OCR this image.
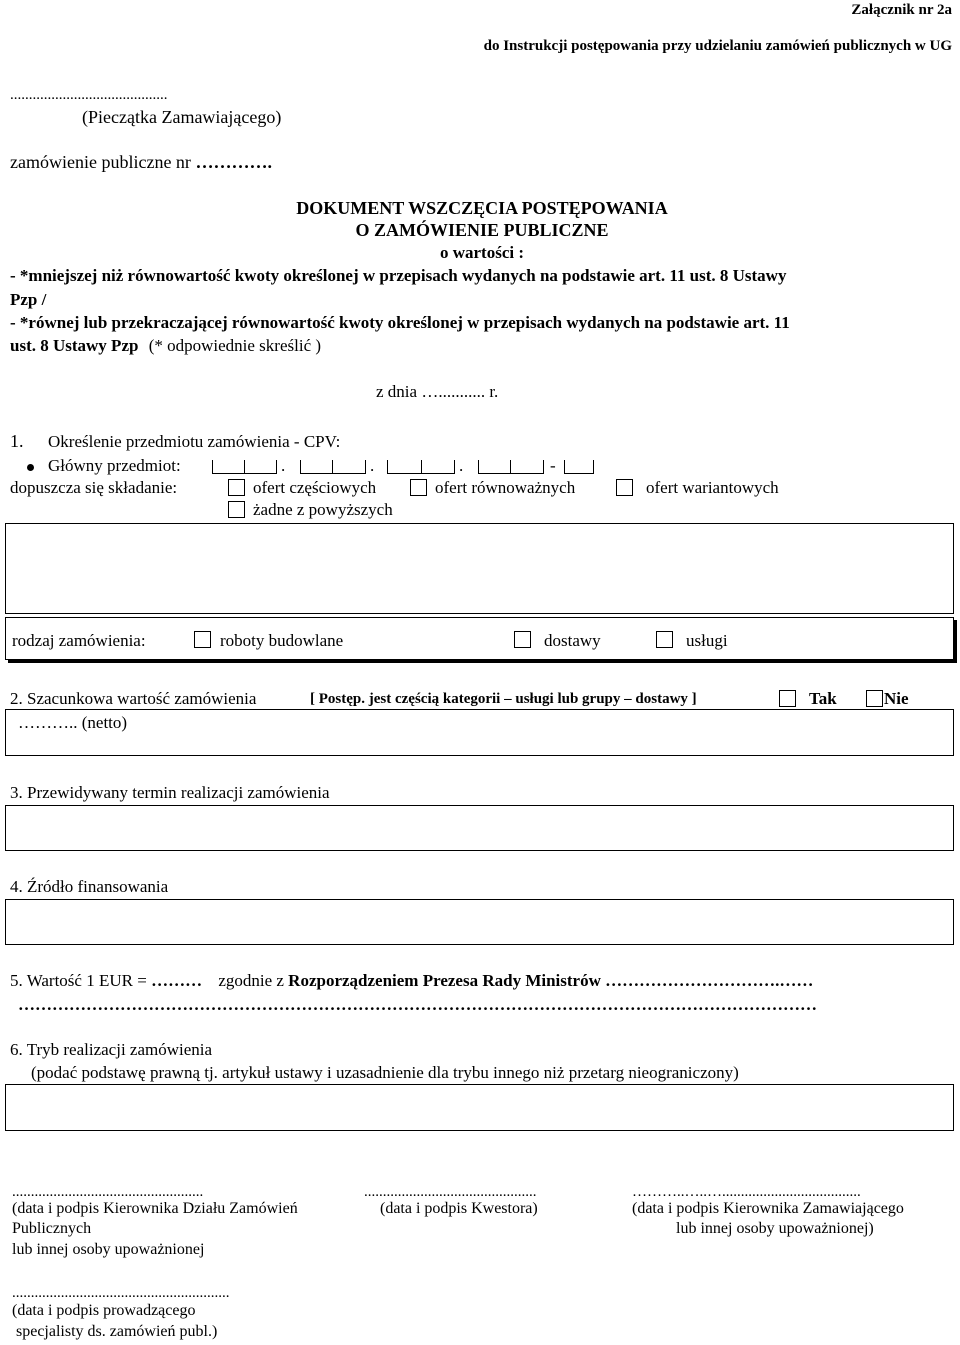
Załącznik nr 2a
do Instrukcji postępowania przy udzielaniu zamówień publicznych w UG
..........................................
(Pieczątka Zamawiającego)
zamówienie publiczne nr ………….
DOKUMENT WSZCZĘCIA POSTĘPOWANIA
O ZAMÓWIENIE PUBLICZNE
o wartości :
- *mniejszej niż równowartość kwoty określonej w przepisach wydanych na podstawie art. 11 ust. 8 Ustawy
Pzp /
- *równej lub przekraczającej równowartość kwoty określonej w przepisach wydanych na podstawie art. 11
ust. 8 Ustawy Pzp (* odpowiednie skreślić )
z dnia …........... r.
1. Określenie przedmiotu zamówienia - CPV:
Główny przedmiot:	.	.	.	-
dopuszcza się składanie:	ofert częściowych	ofert równoważnych	ofert wariantowych
żadne z powyższych
rodzaj zamówienia:	roboty budowlane	dostawy	usługi
2. Szacunkowa wartość zamówienia	[ Postęp. jest częścią kategorii – usługi lub grupy – dostawy ]	Tak	Nie
……….. (netto)
3. Przewidywany termin realizacji zamówienia
4. Źródło finansowania
5. Wartość 1 EUR = ……… zgodnie z Rozporządzeniem Prezesa Rady Ministrów ………………………….……
……………………………………………………………………………………………………………………………
6. Tryb realizacji zamówienia
(podać podstawę prawną tj. artykuł ustawy i uzasadnienie dla trybu innego niż przetarg nieograniczony)
...................................................	..............................................	………..…..….....................................
(data i podpis Kierownika Działu Zamówień
Publicznych
lub innej osoby upoważnionej
(data i podpis Kwestora)	(data i podpis Kierownika Zamawiającego
lub innej osoby upoważnionej)
..........................................................
(data i podpis prowadzącego
specjalisty ds. zamówień publ.)
